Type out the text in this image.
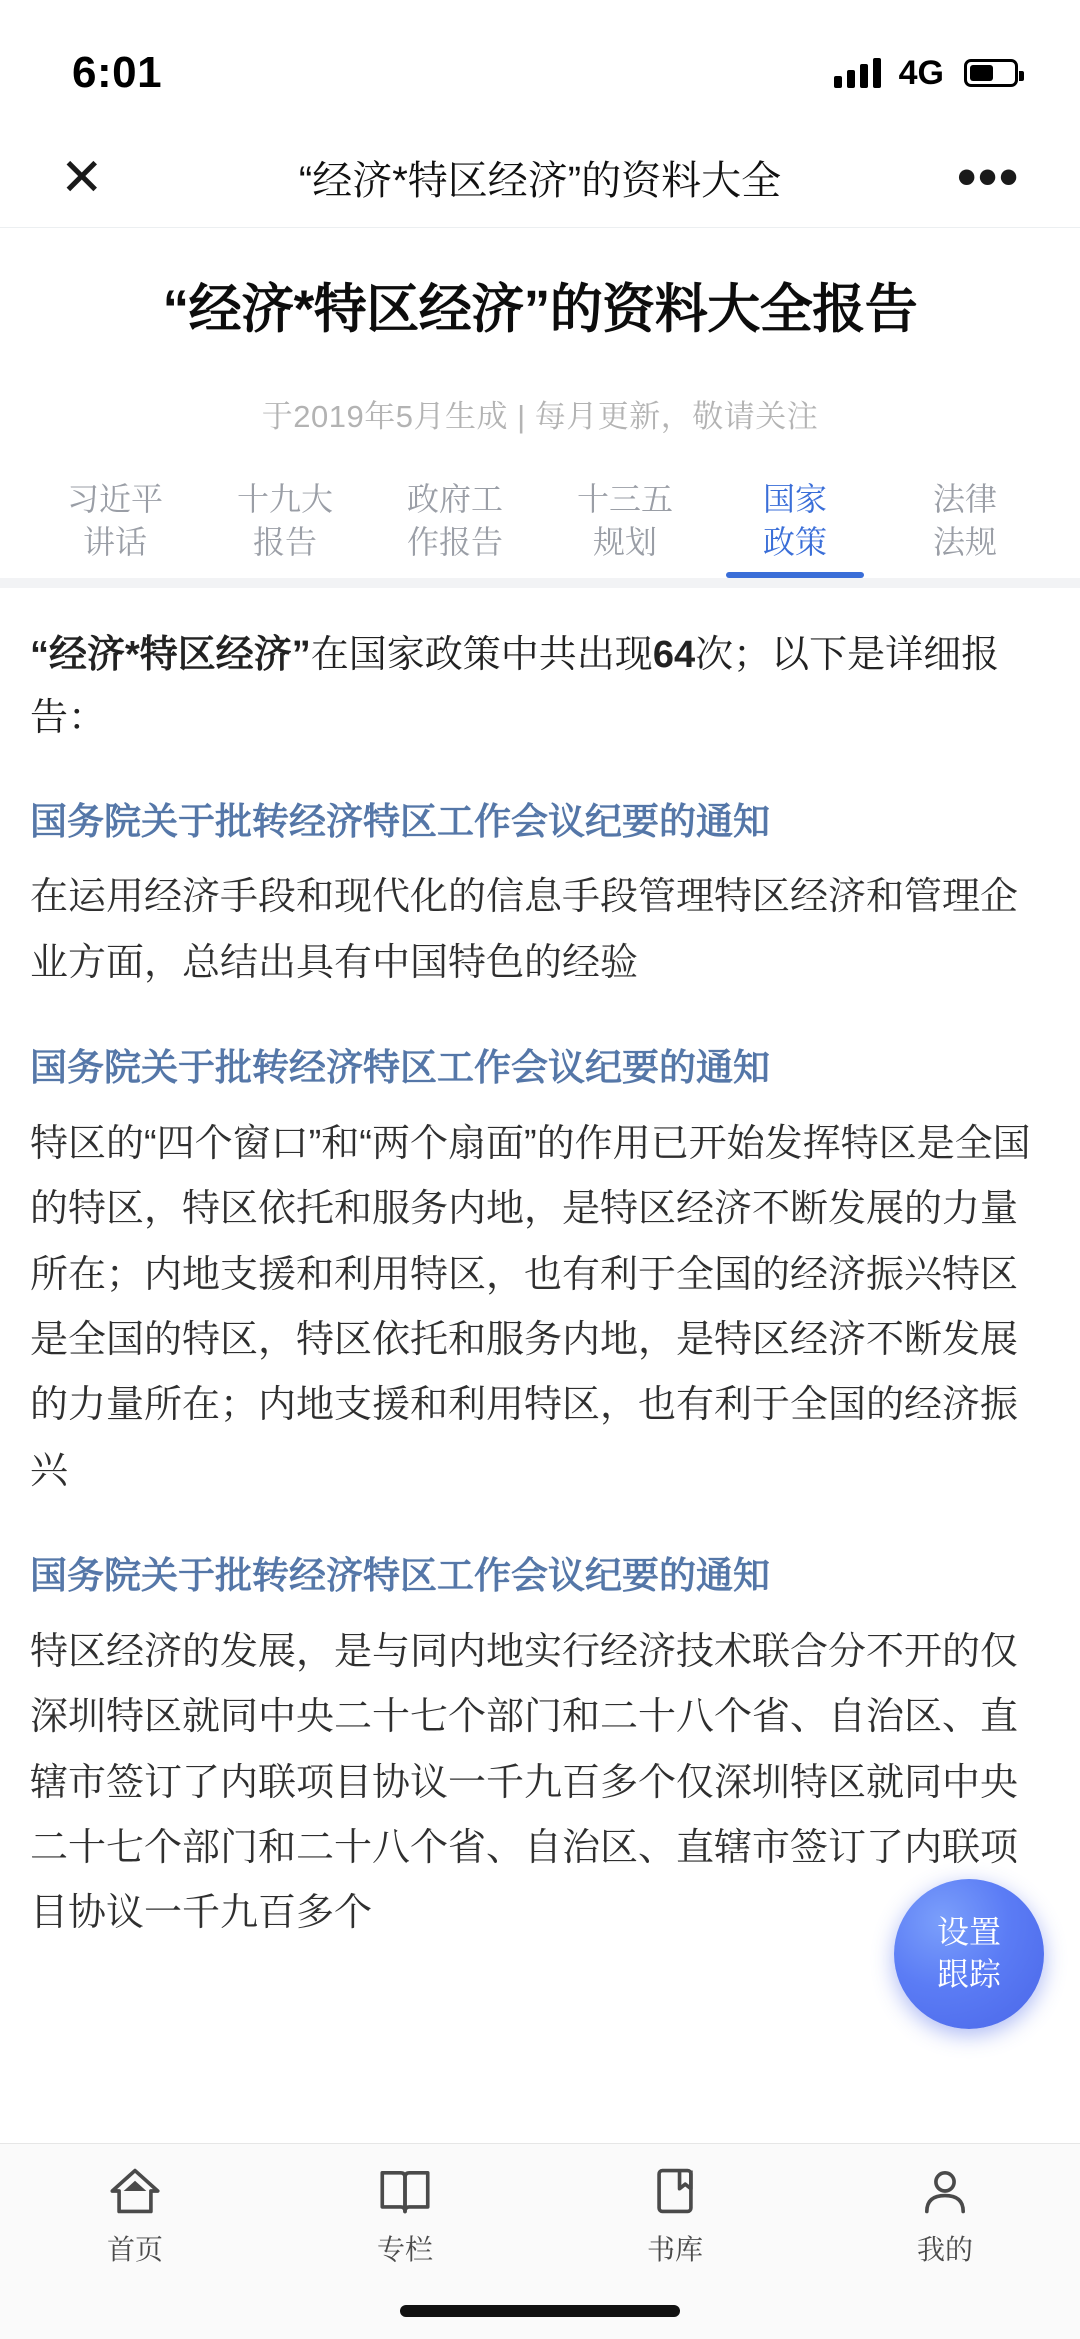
6:01	4G
✕	“经济*特区经济”的资料大全	•••
“经济*特区经济”的资料大全报告
于2019年5月生成 | 每月更新，敬请关注
习近平
讲话
十九大
报告
政府工
作报告
十三五
规划
国家
政策
法律
法规
“经济*特区经济”在国家政策中共出现64次；以下是详细报告：
国务院关于批转经济特区工作会议纪要的通知
在运用经济手段和现代化的信息手段管理特区经济和管理企业方面，总结出具有中国特色的经验
国务院关于批转经济特区工作会议纪要的通知
特区的“四个窗口”和“两个扇面”的作用已开始发挥特区是全国的特区，特区依托和服务内地，是特区经济不断发展的力量所在；内地支援和利用特区，也有利于全国的经济振兴特区是全国的特区，特区依托和服务内地，是特区经济不断发展的力量所在；内地支援和利用特区，也有利于全国的经济振兴
国务院关于批转经济特区工作会议纪要的通知
特区经济的发展，是与同内地实行经济技术联合分不开的仅深圳特区就同中央二十七个部门和二十八个省、自治区、直辖市签订了内联项目协议一千九百多个仅深圳特区就同中央二十七个部门和二十八个省、自治区、直辖市签订了内联项目协议一千九百多个	设置
跟踪
首页	专栏	书库	我的
